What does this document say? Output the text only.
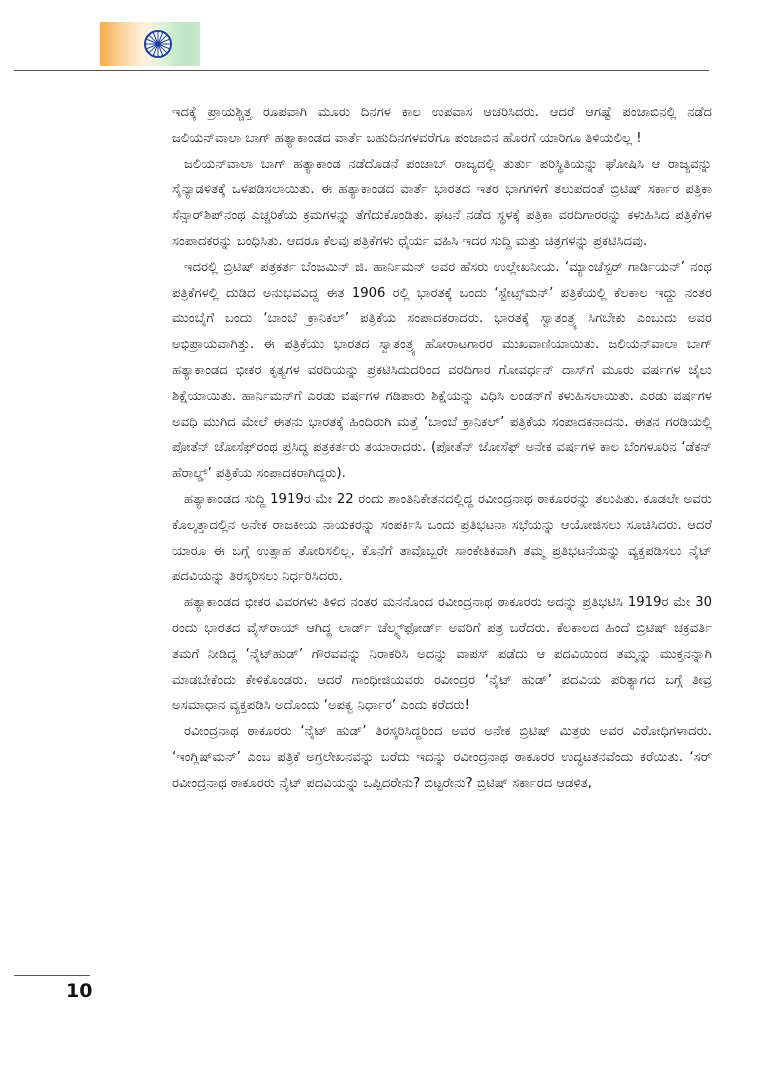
ಇದಕ್ಕೆ ಪ್ರಾಯಶ್ಚಿತ್ತ ರೂಪವಾಗಿ ಮೂರು ದಿನಗಳ ಕಾಲ ಉಪವಾಸ ಆಚರಿಸಿದರು. ಆದರೆ ಆಗಷ್ಟೆ ಪಂಜಾಬಿನಲ್ಲಿ ನಡೆದ ಜಲಿಯನ್‌ವಾಲಾ ಬಾಗ್ ಹತ್ಯಾಕಾಂಡದ ವಾರ್ತೆ ಬಹುದಿನಗಳವರೆಗೂ ಪಂಜಾಬಿನ ಹೊರಗೆ ಯಾರಿಗೂ ತಿಳಿಯಲಿಲ್ಲ !

ಜಲಿಯನ್‌ವಾಲಾ ಬಾಗ್ ಹತ್ಯಾಕಾಂಡ ನಡೆದೊಡನೆ ಪಂಜಾಬ್ ರಾಜ್ಯದಲ್ಲಿ ತುರ್ತು ಪರಿಸ್ಥಿತಿಯನ್ನು ಘೋಷಿಸಿ ಆ ರಾಜ್ಯವನ್ನು ಸೈನ್ಯಾಡಳಿತಕ್ಕೆ ಒಳಪಡಿಸಲಾಯಿತು. ಈ ಹತ್ಯಾಕಾಂಡದ ವಾರ್ತೆ ಭಾರತದ ಇತರ ಭಾಗಗಳಿಗೆ ತಲುಪದಂತೆ ಬ್ರಿಟಿಷ್ ಸರ್ಕಾರ ಪತ್ರಿಕಾ ಸೆನ್ಸಾರ್‌ಶಿಪ್‌ನಂಥ ಎಚ್ಚರಿಕೆಯ ಕ್ರಮಗಳನ್ನು ತೆಗೆದುಕೊಂಡಿತು. ಘಟನೆ ನಡೆದ ಸ್ಥಳಕ್ಕೆ ಪತ್ರಿಕಾ ವರದಿಗಾರರನ್ನು ಕಳುಹಿಸಿದ ಪತ್ರಿಕೆಗಳ ಸಂಪಾದಕರನ್ನು ಬಂಧಿಸಿತು. ಆದರೂ ಕೆಲವು ಪತ್ರಿಕೆಗಳು ಧೈರ್ಯ ವಹಿಸಿ ಇದರ ಸುದ್ದಿ ಮತ್ತು ಚಿತ್ರಗಳನ್ನು ಪ್ರಕಟಿಸಿದವು.

ಇದರಲ್ಲಿ ಬ್ರಿಟಿಷ್ ಪತ್ರಕರ್ತ ಬೆಂಜಮಿನ್ ಜಿ. ಹಾರ್ನಿಮನ್ ಅವರ ಹೆಸರು ಉಲ್ಲೇಖನೀಯ. ‘ಮ್ಯಾಂಚೆಸ್ಟರ್ ಗಾರ್ಡಿಯನ್’ ನಂಥ ಪತ್ರಿಕೆಗಳಲ್ಲಿ ದುಡಿದ ಅನುಭವವಿದ್ದ ಈತ 1906 ರಲ್ಲಿ ಭಾರತಕ್ಕೆ ಬಂದು ‘ಸ್ಟೇಟ್ಸ್‌ಮನ್’ ಪತ್ರಿಕೆಯಲ್ಲಿ ಕೆಲಕಾಲ ಇದ್ದು ನಂತರ ಮುಂಬೈಗೆ ಬಂದು ‘ಬಾಂಬೆ ಕ್ರಾನಿಕಲ್’ ಪತ್ರಿಕೆಯ ಸಂಪಾದಕರಾದರು. ಭಾರತಕ್ಕೆ ಸ್ವಾತಂತ್ರ್ಯ ಸಿಗಬೇಕು ಎಂಬುದು ಅವರ ಅಭಿಪ್ರಾಯವಾಗಿತ್ತು. ಈ ಪತ್ರಿಕೆಯು ಭಾರತದ ಸ್ವಾತಂತ್ರ್ಯ ಹೋರಾಟಗಾರರ ಮುಖವಾಣಿಯಾಯಿತು. ಜಲಿಯನ್‌ವಾಲಾ ಬಾಗ್ ಹತ್ಯಾಕಾಂಡದ ಭೀಕರ ಕೃತ್ಯಗಳ ವರದಿಯನ್ನು ಪ್ರಕಟಿಸಿದುದರಿಂದ ವರದಿಗಾರ ಗೋವರ್ಧನ್ ದಾಸ್‌ಗೆ ಮೂರು ವರ್ಷಗಳ ಜೈಲು ಶಿಕ್ಷೆಯಾಯಿತು. ಹಾರ್ನಿಮನ್‌ಗೆ ಎರಡು ವರ್ಷಗಳ ಗಡಿಪಾರು ಶಿಕ್ಷೆಯನ್ನು ವಿಧಿಸಿ ಲಂಡನ್‌ಗೆ ಕಳುಹಿಸಲಾಯಿತು. ಎರಡು ವರ್ಷಗಳ ಅವಧಿ ಮುಗಿದ ಮೇಲೆ ಈತನು ಭಾರತಕ್ಕೆ ಹಿಂದಿರುಗಿ ಮತ್ತೆ ‘ಬಾಂಬೆ ಕ್ರಾನಿಕಲ್’ ಪತ್ರಿಕೆಯ ಸಂಪಾದಕನಾದನು. ಈತನ ಗರಡಿಯಲ್ಲಿ ಪೋತೆನ್ ಜೋಸೆಫ್‌ರಂಥ ಪ್ರಸಿದ್ಧ ಪತ್ರಕರ್ತರು ತಯಾರಾದರು. (ಪೋತೆನ್ ಜೋಸೆಫ್ ಅನೇಕ ವರ್ಷಗಳ ಕಾಲ ಬೆಂಗಳೂರಿನ ‘ಡೆಕನ್ ಹೆರಾಲ್ಡ್’ ಪತ್ರಿಕೆಯ ಸಂಪಾದಕರಾಗಿದ್ದರು).

ಹತ್ಯಾಕಾಂಡದ ಸುದ್ದಿ 1919ರ ಮೇ 22 ರಂದು ಶಾಂತಿನಿಕೇತನದಲ್ಲಿದ್ದ ರವೀಂದ್ರನಾಥ ಠಾಕೂರರನ್ನು ತಲುಪಿತು. ಕೂಡಲೇ ಅವರು ಕೊಲ್ಕತ್ತಾದಲ್ಲಿನ ಅನೇಕ ರಾಜಕೀಯ ನಾಯಕರನ್ನು ಸಂಪರ್ಕಿಸಿ ಒಂದು ಪ್ರತಿಭಟನಾ ಸಭೆಯನ್ನು ಆಯೋಜಿಸಲು ಸೂಚಿಸಿದರು. ಆದರೆ ಯಾರೂ ಈ ಬಗ್ಗೆ ಉತ್ಸಾಹ ತೋರಿಸಲಿಲ್ಲ. ಕೊನೆಗೆ ತಾವೊಬ್ಬರೇ ಸಾಂಕೇತಿಕವಾಗಿ ತಮ್ಮ ಪ್ರತಿಭಟನೆಯನ್ನು ವ್ಯಕ್ತಪಡಿಸಲು ನೈಟ್ ಪದವಿಯನ್ನು ತಿರಸ್ಕರಿಸಲು ನಿರ್ಧರಿಸಿದರು.

ಹತ್ಯಾಕಾಂಡದ ಭೀಕರ ವಿವರಗಳು ತಿಳಿದ ನಂತರ ಮನನೊಂದ ರವೀಂದ್ರನಾಥ ಠಾಕೂರರು ಅದನ್ನು ಪ್ರತಿಭಟಿಸಿ 1919ರ ಮೇ 30 ರಂದು ಭಾರತದ ವೈಸ್‌ರಾಯ್ ಆಗಿದ್ದ ಲಾರ್ಡ್ ಚೆಲ್ಮ್ಸ್‌ಫೋರ್ಡ್ ಅವರಿಗೆ ಪತ್ರ ಬರೆದರು. ಕೆಲಕಾಲದ ಹಿಂದೆ ಬ್ರಿಟಿಷ್ ಚಕ್ರವರ್ತಿ ತಮಗೆ ನೀಡಿದ್ದ ‘ನೈಟ್‌ಹುಡ್’ ಗೌರವವನ್ನು ನಿರಾಕರಿಸಿ ಅದನ್ನು ವಾಪಸ್ ಪಡೆದು ಆ ಪದವಿಯಿಂದ ತಮ್ಮನ್ನು ಮುಕ್ತನನ್ನಾಗಿ ಮಾಡಬೇಕೆಂದು ಕೇಳಿಕೊಂಡರು. ಆದರೆ ಗಾಂಧೀಜಿಯವರು ರವೀಂದ್ರರ ‘ನೈಟ್ ಹುಡ್’ ಪದವಿಯ ಪರಿತ್ಯಾಗದ ಬಗ್ಗೆ ತೀವ್ರ ಅಸಮಾಧಾನ ವ್ಯಕ್ತಪಡಿಸಿ ಅದೊಂದು ‘ಅಪಕ್ವ ನಿರ್ಧಾರ’ ಎಂದು ಕರೆದರು!

ರವೀಂದ್ರನಾಥ ಠಾಕೂರರು ‘ನೈಟ್ ಹುಡ್’ ತಿರಸ್ಕರಿಸಿದ್ದರಿಂದ ಅವರ ಅನೇಕ ಬ್ರಿಟಿಷ್ ಮಿತ್ರರು ಅವರ ವಿರೋಧಿಗಳಾದರು. ‘ಇಂಗ್ಲಿಷ್‌ಮನ್’ ಎಂಬ ಪತ್ರಿಕೆ ಅಗ್ರಲೇಖನವನ್ನು ಬರೆದು ಇದನ್ನು ರವೀಂದ್ರನಾಥ ಠಾಕೂರರ ಉದ್ಧಟತನವೆಂದು ಕರೆಯಿತು. ‘ಸರ್ ರವೀಂದ್ರನಾಥ ಠಾಕೂರರು ನೈಟ್ ಪದವಿಯನ್ನು ಒಪ್ಪಿದರೇನು? ಬಿಟ್ಟರೇನು? ಬ್ರಿಟಿಷ್ ಸರ್ಕಾರದ ಆಡಳಿತ,

10
